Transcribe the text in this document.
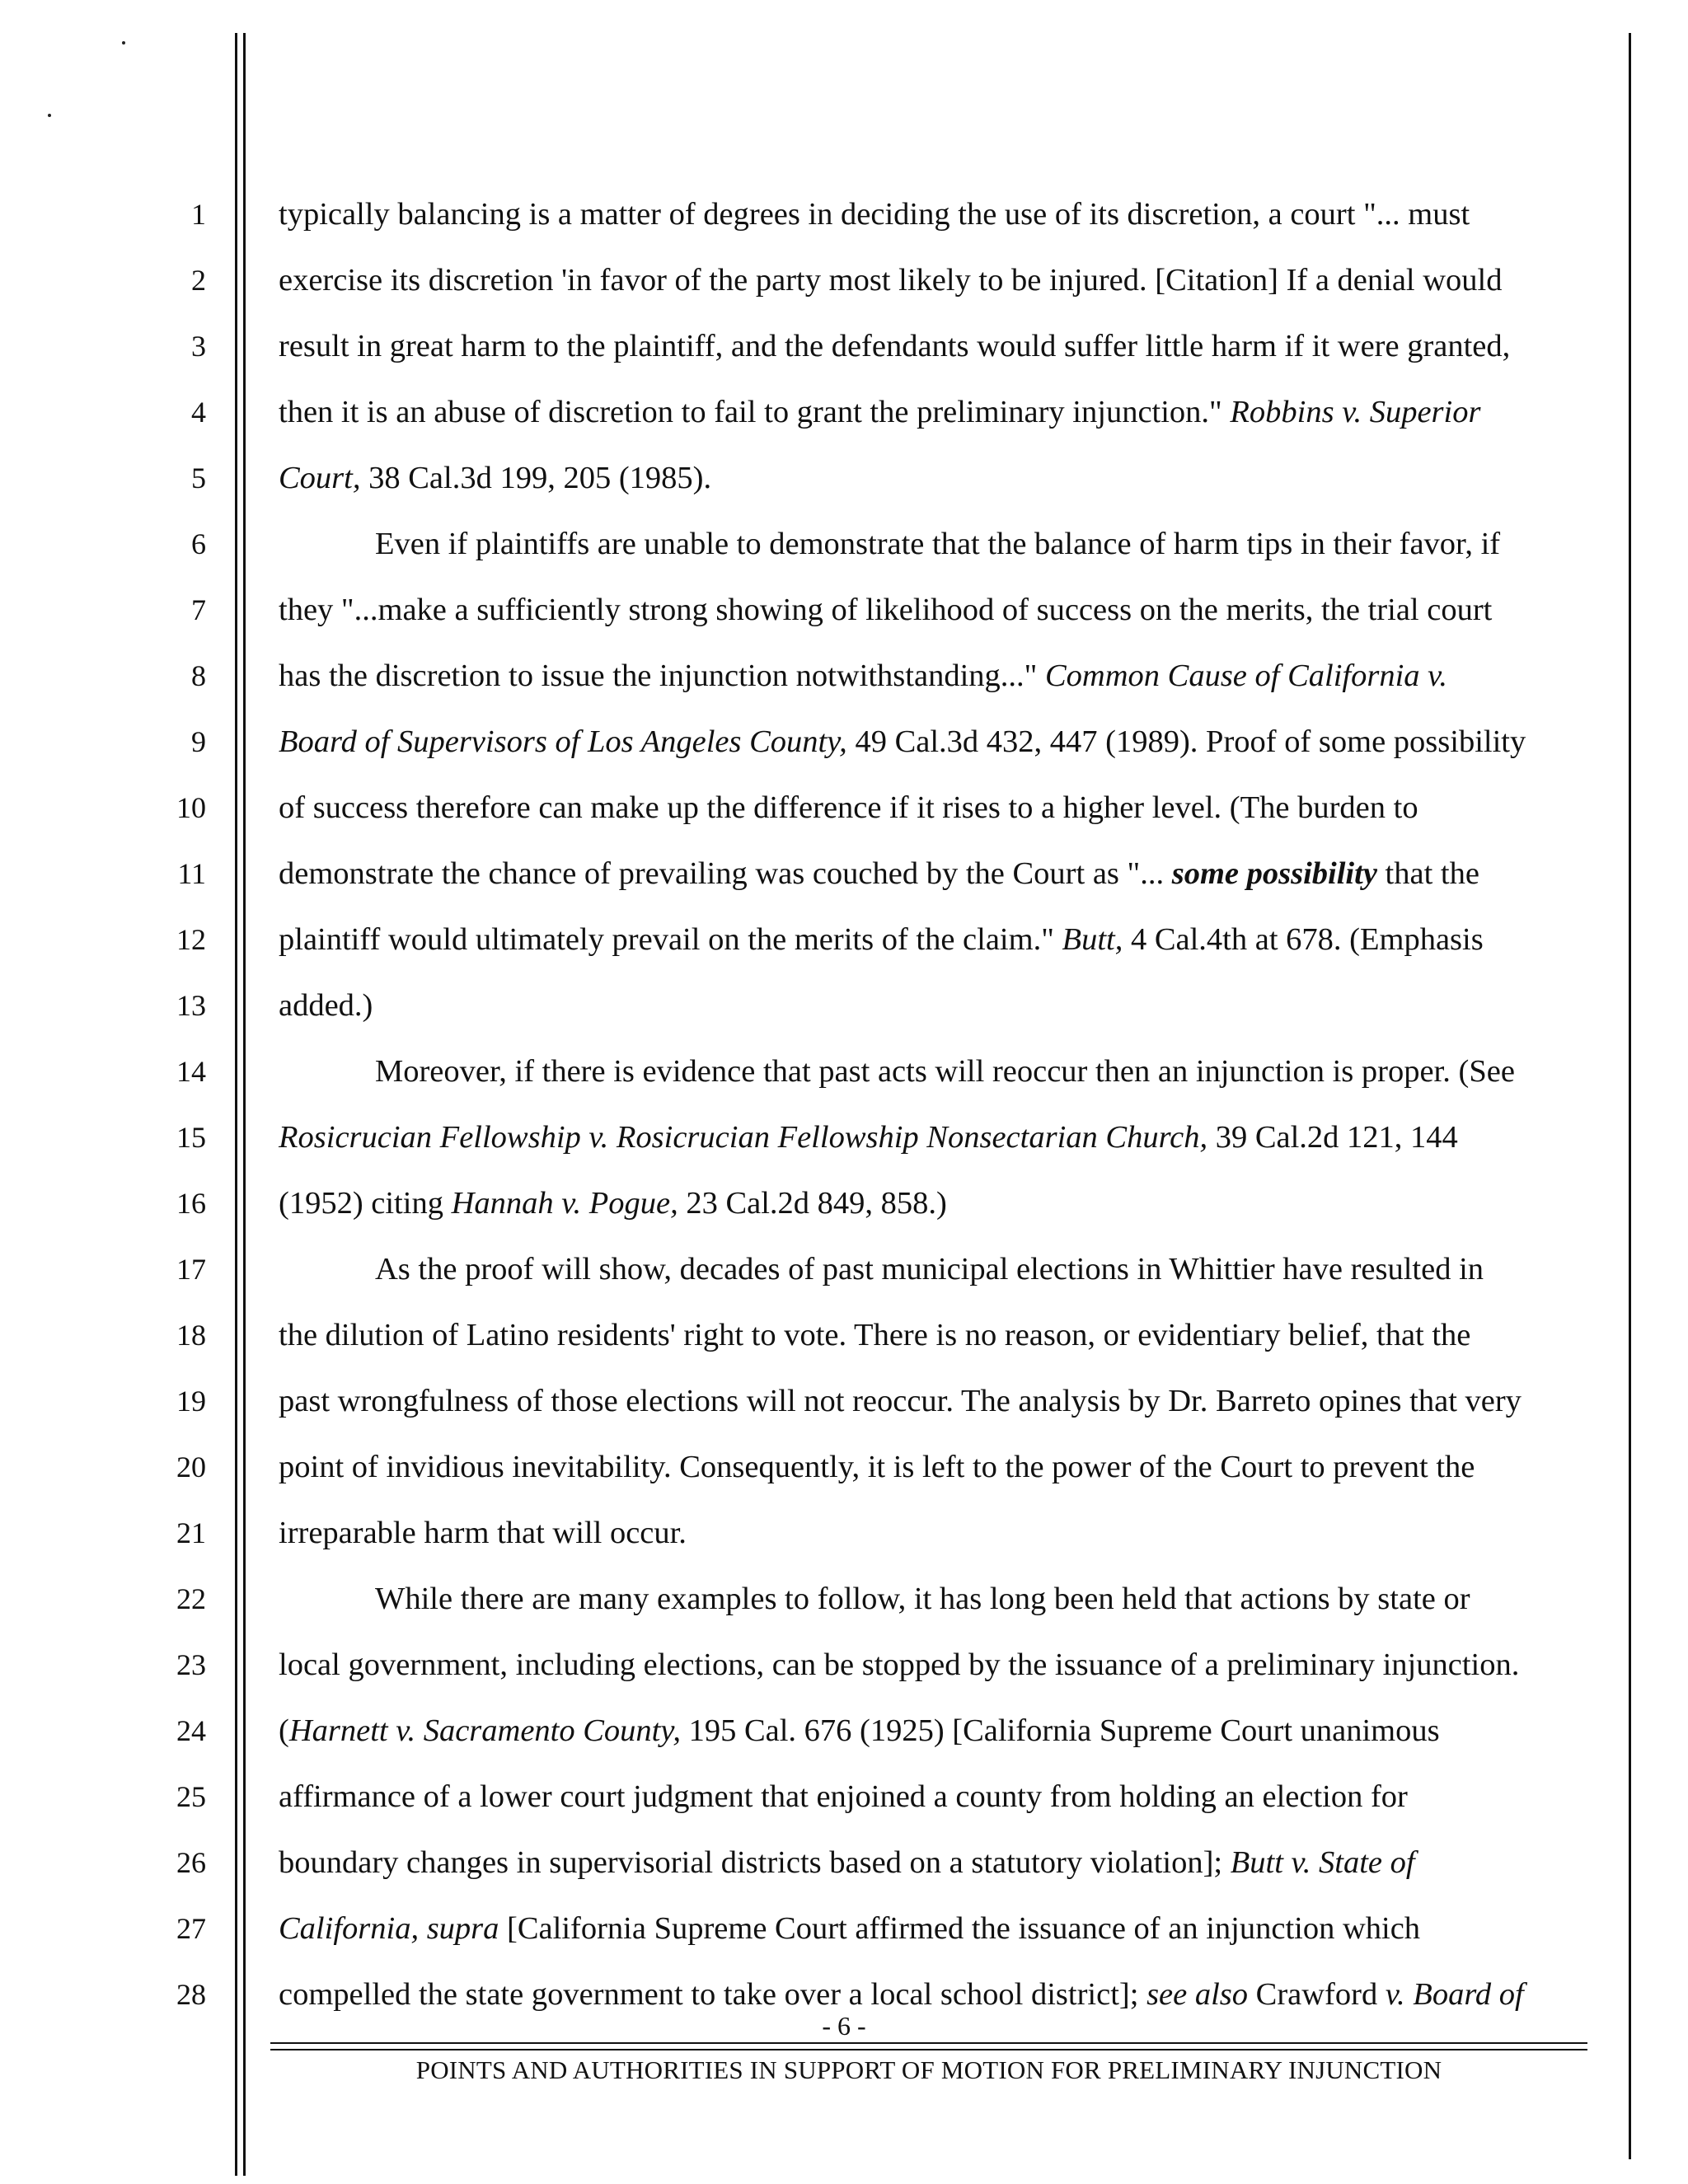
1
2
3
4
5
6
7
8
9
10
11
12
13
14
15
16
17
18
19
20
21
22
23
24
25
26
27
28
typically balancing is a matter of degrees in deciding the use of its discretion, a court "... must
exercise its discretion 'in favor of the party most likely to be injured. [Citation] If a denial would
result in great harm to the plaintiff, and the defendants would suffer little harm if it were granted,
then it is an abuse of discretion to fail to grant the preliminary injunction." Robbins v. Superior
Court, 38 Cal.3d 199, 205 (1985).
Even if plaintiffs are unable to demonstrate that the balance of harm tips in their favor, if
they "...make a sufficiently strong showing of likelihood of success on the merits, the trial court
has the discretion to issue the injunction notwithstanding..." Common Cause of California v.
Board of Supervisors of Los Angeles County, 49 Cal.3d 432, 447 (1989). Proof of some possibility
of success therefore can make up the difference if it rises to a higher level. (The burden to
demonstrate the chance of prevailing was couched by the Court as "... some possibility that the
plaintiff would ultimately prevail on the merits of the claim." Butt, 4 Cal.4th at 678. (Emphasis
added.)
Moreover, if there is evidence that past acts will reoccur then an injunction is proper. (See
Rosicrucian Fellowship v. Rosicrucian Fellowship Nonsectarian Church, 39 Cal.2d 121, 144
(1952) citing Hannah v. Pogue, 23 Cal.2d 849, 858.)
As the proof will show, decades of past municipal elections in Whittier have resulted in
the dilution of Latino residents' right to vote. There is no reason, or evidentiary belief, that the
past wrongfulness of those elections will not reoccur. The analysis by Dr. Barreto opines that very
point of invidious inevitability. Consequently, it is left to the power of the Court to prevent the
irreparable harm that will occur.
While there are many examples to follow, it has long been held that actions by state or
local government, including elections, can be stopped by the issuance of a preliminary injunction.
(Harnett v. Sacramento County, 195 Cal. 676 (1925) [California Supreme Court unanimous
affirmance of a lower court judgment that enjoined a county from holding an election for
boundary changes in supervisorial districts based on a statutory violation]; Butt v. State of
California, supra [California Supreme Court affirmed the issuance of an injunction which
compelled the state government to take over a local school district]; see also Crawford v. Board of
- 6 -
POINTS AND AUTHORITIES IN SUPPORT OF MOTION FOR PRELIMINARY INJUNCTION
